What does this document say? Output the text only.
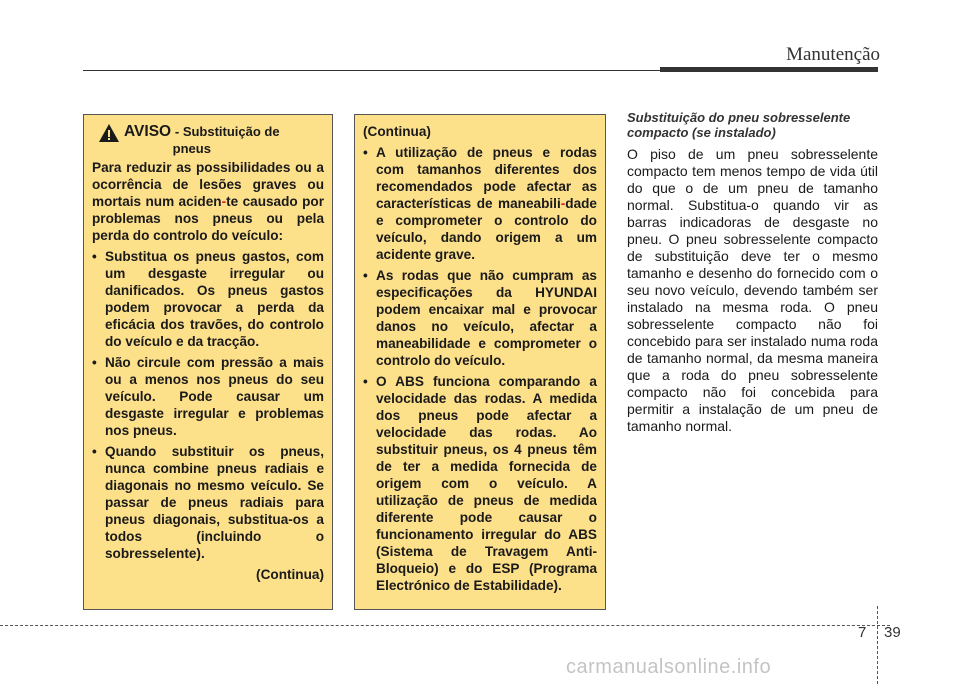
Manutenção
AVISO - Substituição de
pneus

Para reduzir as possibilidades ou a ocorrência de lesões graves ou mortais num aciden-te causado por problemas nos pneus ou pela perda do controlo do veículo:

• Substitua os pneus gastos, com um desgaste irregular ou danificados. Os pneus gastos podem provocar a perda da eficácia dos travões, do controlo do veículo e da tracção.
• Não circule com pressão a mais ou a menos nos pneus do seu veículo. Pode causar um desgaste irregular e problemas nos pneus.
• Quando substituir os pneus, nunca combine pneus radiais e diagonais no mesmo veículo. Se passar de pneus radiais para pneus diagonais, substitua-os a todos (incluindo o sobresselente).

(Continua)

(Continua)

• A utilização de pneus e rodas com tamanhos diferentes dos recomendados pode afectar as características de maneabili-dade e comprometer o controlo do veículo, dando origem a um acidente grave.
• As rodas que não cumpram as especificações da HYUNDAI podem encaixar mal e provocar danos no veículo, afectar a maneabilidade e comprometer o controlo do veículo.
• O ABS funciona comparando a velocidade das rodas. A medida dos pneus pode afectar a velocidade das rodas. Ao substituir pneus, os 4 pneus têm de ter a medida fornecida de origem com o veículo. A utilização de pneus de medida diferente pode causar o funcionamento irregular do ABS (Sistema de Travagem Anti-Bloqueio) e do ESP (Programa Electrónico de Estabilidade).

Substituição do pneu sobresselente compacto (se instalado)

O piso de um pneu sobresselente compacto tem menos tempo de vida útil do que o de um pneu de tamanho normal. Substitua-o quando vir as barras indicadoras de desgaste no pneu. O pneu sobresselente compacto de substituição deve ter o mesmo tamanho e desenho do fornecido com o seu novo veículo, devendo também ser instalado na mesma roda. O pneu sobresselente compacto não foi concebido para ser instalado numa roda de tamanho normal, da mesma maneira que a roda do pneu sobresselente compacto não foi concebida para permitir a instalação de um pneu de tamanho normal.

7 39
carmanualsonline.info
